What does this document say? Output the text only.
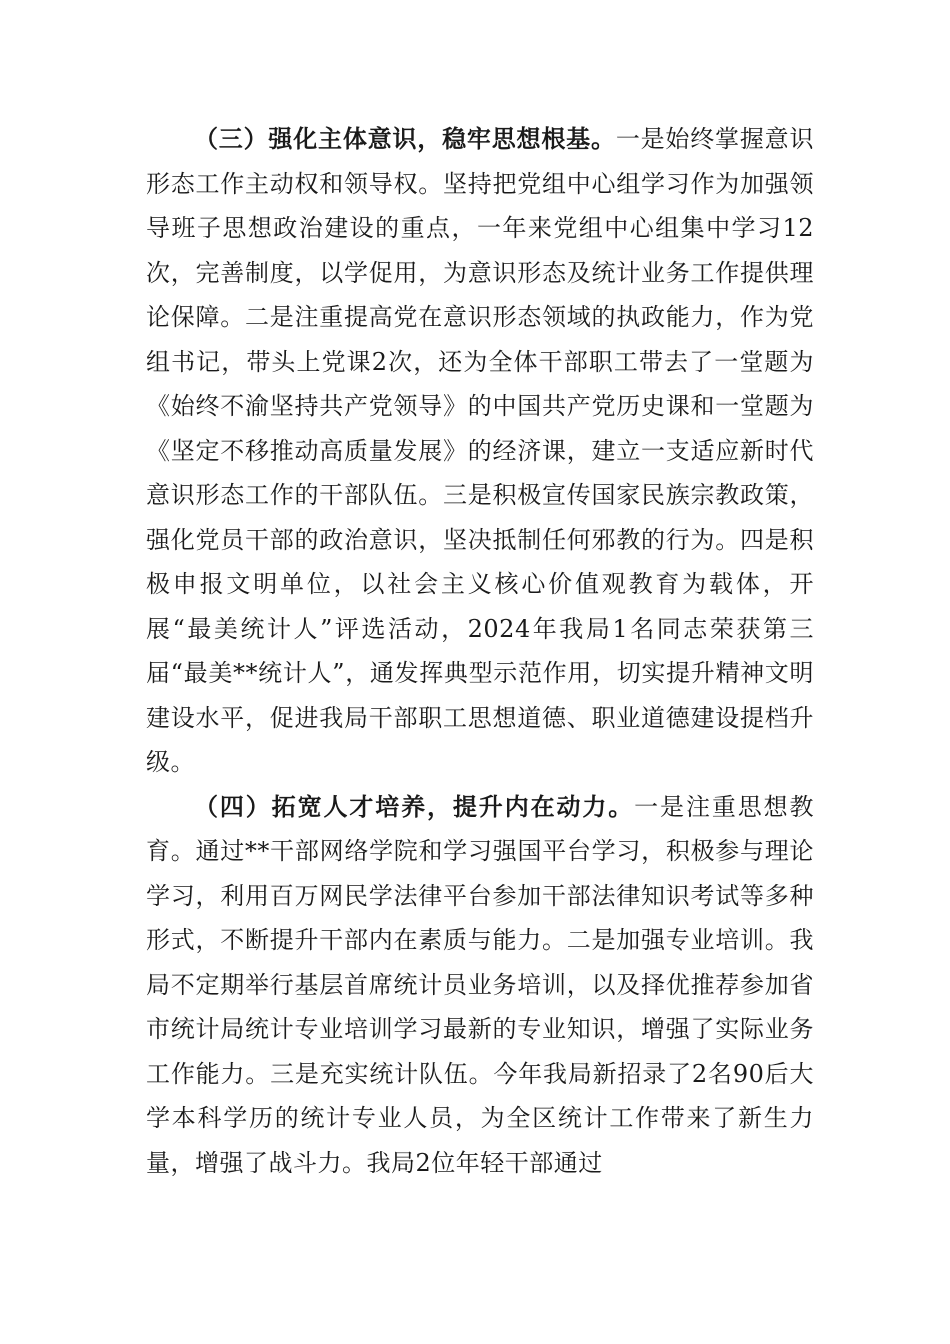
（三）强化主体意识，稳牢思想根基。一是始终掌握意识形态工作主动权和领导权。坚持把党组中心组学习作为加强领导班子思想政治建设的重点，一年来党组中心组集中学习12次，完善制度，以学促用，为意识形态及统计业务工作提供理论保障。二是注重提高党在意识形态领域的执政能力，作为党组书记，带头上党课2次，还为全体干部职工带去了一堂题为《始终不渝坚持共产党领导》的中国共产党历史课和一堂题为《坚定不移推动高质量发展》的经济课，建立一支适应新时代意识形态工作的干部队伍。三是积极宣传国家民族宗教政策，强化党员干部的政治意识，坚决抵制任何邪教的行为。四是积极申报文明单位，以社会主义核心价值观教育为载体，开展“最美统计人”评选活动，2024年我局1名同志荣获第三届“最美**统计人”，通发挥典型示范作用，切实提升精神文明建设水平，促进我局干部职工思想道德、职业道德建设提档升级。

（四）拓宽人才培养，提升内在动力。一是注重思想教育。通过**干部网络学院和学习强国平台学习，积极参与理论学习，利用百万网民学法律平台参加干部法律知识考试等多种形式，不断提升干部内在素质与能力。二是加强专业培训。我局不定期举行基层首席统计员业务培训，以及择优推荐参加省市统计局统计专业培训学习最新的专业知识，增强了实际业务工作能力。三是充实统计队伍。今年我局新招录了2名90后大学本科学历的统计专业人员，为全区统计工作带来了新生力量，增强了战斗力。我局2位年轻干部通过
